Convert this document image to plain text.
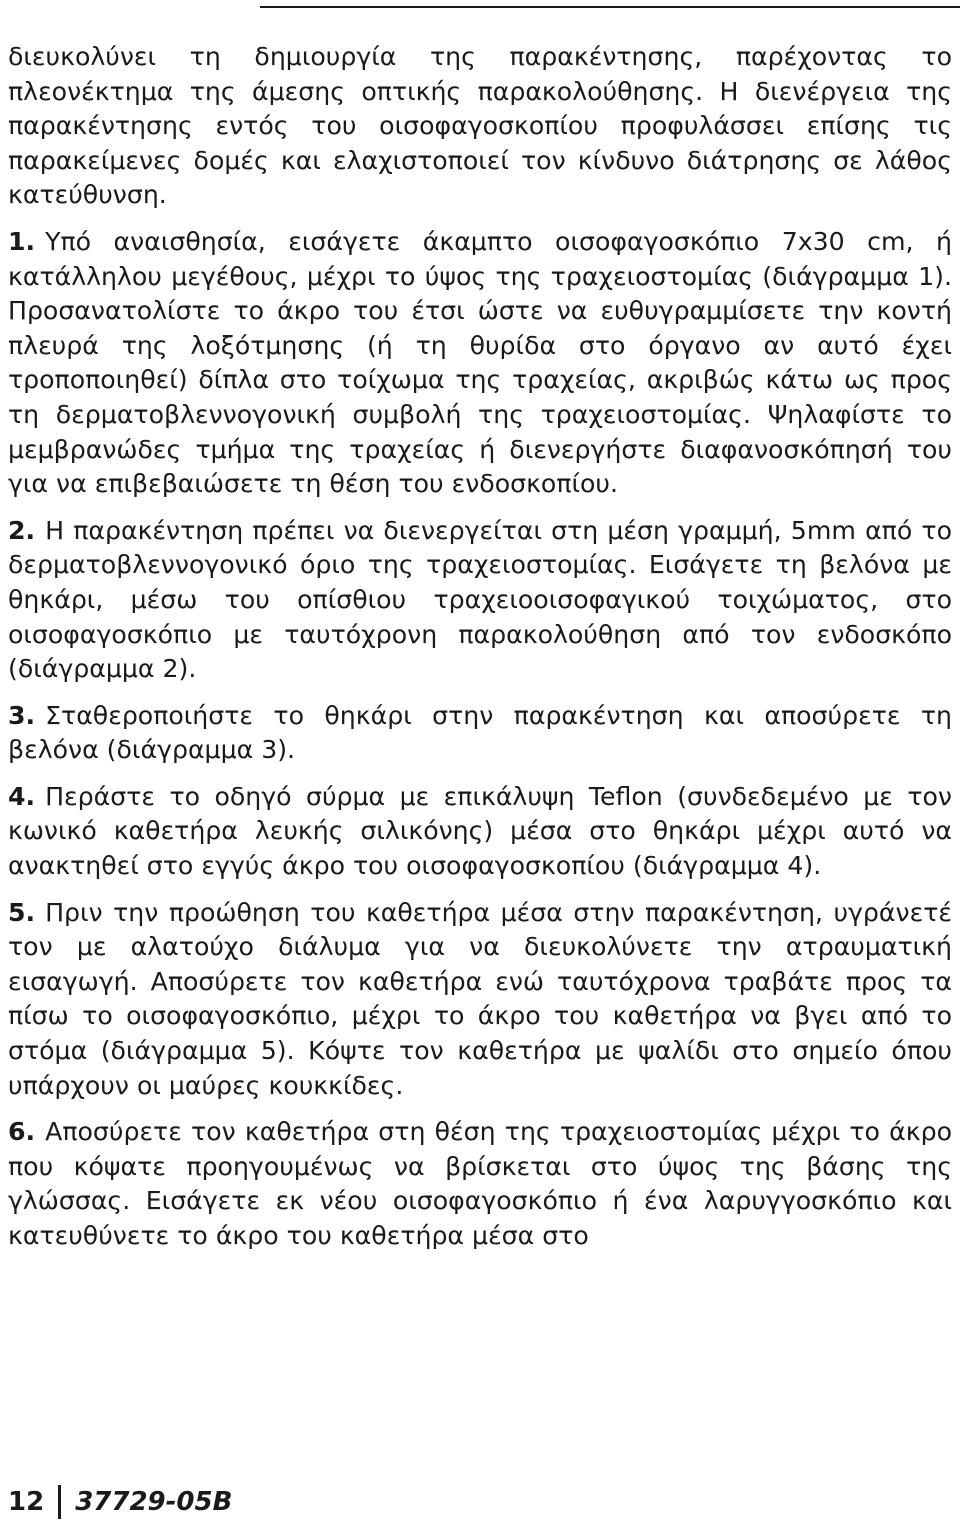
διευκολύνει τη δημιουργία της παρακέντησης, παρέχοντας το πλεονέκτημα της άμεσης οπτικής παρακολούθησης. Η διενέργεια της παρακέντησης εντός του οισοφαγοσκοπίου προφυλάσσει επίσης τις παρακείμενες δομές και ελαχιστοποιεί τον κίνδυνο διάτρησης σε λάθος κατεύθυνση.

1. Υπό αναισθησία, εισάγετε άκαμπτο οισοφαγοσκόπιο 7x30 cm, ή κατάλληλου μεγέθους, μέχρι το ύψος της τραχειοστομίας (διάγραμμα 1). Προσανατολίστε το άκρο του έτσι ώστε να ευθυγραμμίσετε την κοντή πλευρά της λοξότμησης (ή τη θυρίδα στο όργανο αν αυτό έχει τροποποιηθεί) δίπλα στο τοίχωμα της τραχείας, ακριβώς κάτω ως προς τη δερματοβλεννογονική συμβολή της τραχειοστομίας. Ψηλαφίστε το μεμβρανώδες τμήμα της τραχείας ή διενεργήστε διαφανοσκόπησή του για να επιβεβαιώσετε τη θέση του ενδοσκοπίου.

2. Η παρακέντηση πρέπει να διενεργείται στη μέση γραμμή, 5mm από το δερματοβλεννογονικό όριο της τραχειοστομίας. Εισάγετε τη βελόνα με θηκάρι, μέσω του οπίσθιου τραχειοοισοφαγικού τοιχώματος, στο οισοφαγοσκόπιο με ταυτόχρονη παρακολούθηση από τον ενδοσκόπο (διάγραμμα 2).

3. Σταθεροποιήστε το θηκάρι στην παρακέντηση και αποσύρετε τη βελόνα (διάγραμμα 3).

4. Περάστε το οδηγό σύρμα με επικάλυψη Teflon (συνδεδεμένο με τον κωνικό καθετήρα λευκής σιλικόνης) μέσα στο θηκάρι μέχρι αυτό να ανακτηθεί στο εγγύς άκρο του οισοφαγοσκοπίου (διάγραμμα 4).

5. Πριν την προώθηση του καθετήρα μέσα στην παρακέντηση, υγράνετέ τον με αλατούχο διάλυμα για να διευκολύνετε την ατραυματική εισαγωγή. Αποσύρετε τον καθετήρα ενώ ταυτόχρονα τραβάτε προς τα πίσω το οισοφαγοσκόπιο, μέχρι το άκρο του καθετήρα να βγει από το στόμα (διάγραμμα 5). Κόψτε τον καθετήρα με ψαλίδι στο σημείο όπου υπάρχουν οι μαύρες κουκκίδες.

6. Αποσύρετε τον καθετήρα στη θέση της τραχειοστομίας μέχρι το άκρο που κόψατε προηγουμένως να βρίσκεται στο ύψος της βάσης της γλώσσας. Εισάγετε εκ νέου οισοφαγοσκόπιο ή ένα λαρυγγοσκόπιο και κατευθύνετε το άκρο του καθετήρα μέσα στο

12 37729-05B
